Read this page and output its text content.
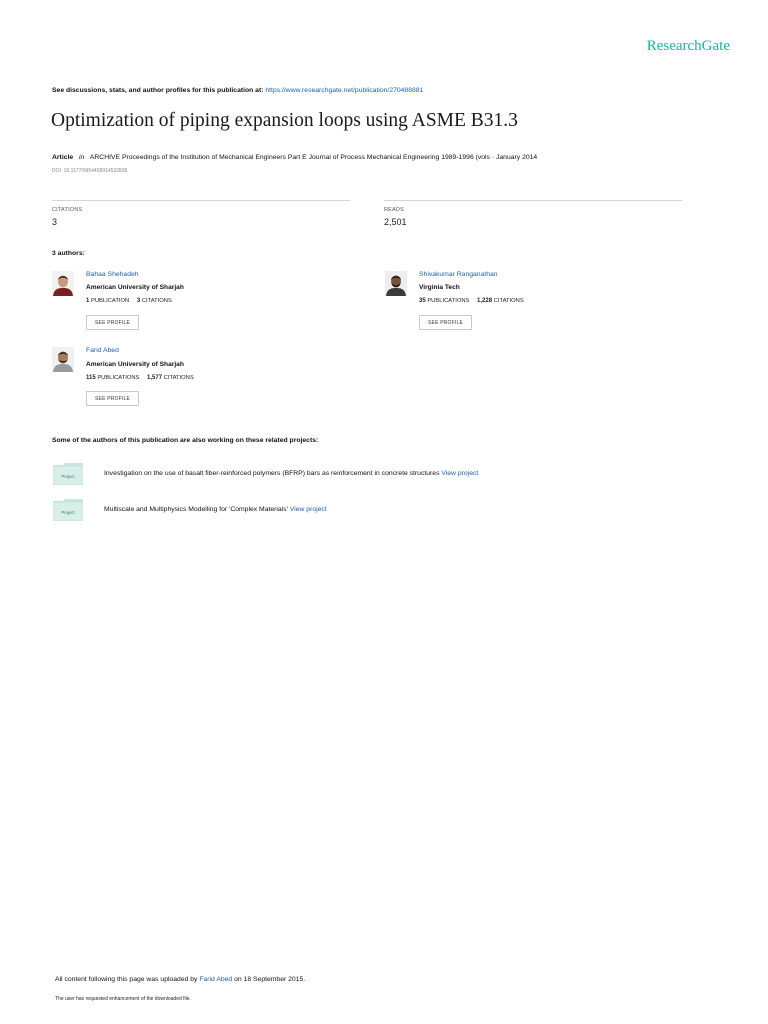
ResearchGate
See discussions, stats, and author profiles for this publication at: https://www.researchgate.net/publication/270488881
Optimization of piping expansion loops using ASME B31.3
Article in ARCHIVE Proceedings of the Institution of Mechanical Engineers Part E Journal of Process Mechanical Engineering 1989-1996 (vols · January 2014
DOI: 10.1177/0954408914532808
CITATIONS
3
READS
2,501
3 authors:
Bahaa Shehadeh
American University of Sharjah
1 PUBLICATION 3 CITATIONS
SEE PROFILE
Shivakumar Ranganathan
Virginia Tech
35 PUBLICATIONS 1,228 CITATIONS
SEE PROFILE
Farid Abed
American University of Sharjah
115 PUBLICATIONS 1,577 CITATIONS
SEE PROFILE
Some of the authors of this publication are also working on these related projects:
Project	Investigation on the use of basalt fiber-reinforced polymers (BFRP) bars as reinforcement in concrete structures View project
Project	Multiscale and Multiphysics Modelling for 'Complex Materials' View project
All content following this page was uploaded by Farid Abed on 18 September 2015.
The user has requested enhancement of the downloaded file.
